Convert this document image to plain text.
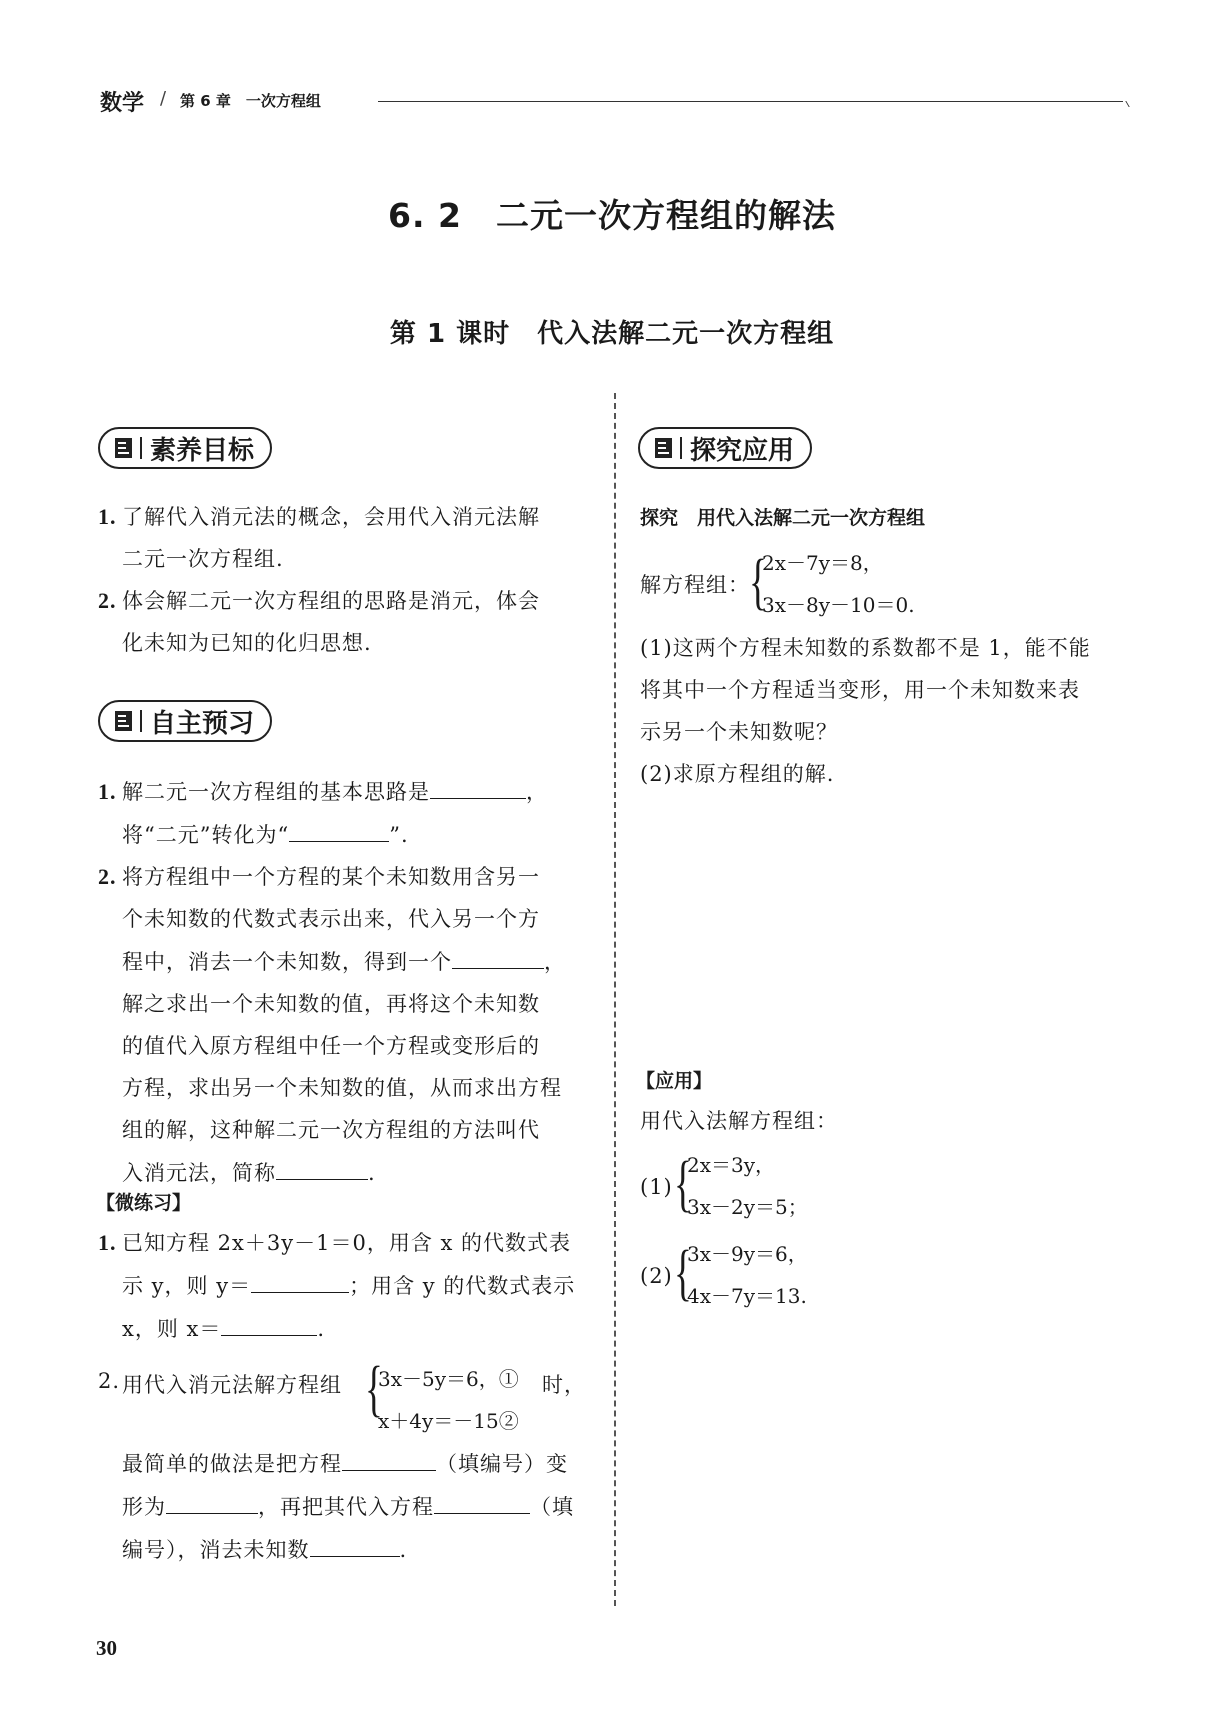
数学 / 第 6 章　一次方程组
6. 2　二元一次方程组的解法
第 1 课时　代入法解二元一次方程组
素养目标
1. 了解代入消元法的概念，会用代入消元法解
二元一次方程组.
2. 体会解二元一次方程组的思路是消元，体会
化未知为已知的化归思想.
自主预习
1. 解二元一次方程组的基本思路是	，
将“二元”转化为“	”.
2. 将方程组中一个方程的某个未知数用含另一
个未知数的代数式表示出来，代入另一个方
程中，消去一个未知数，得到一个	，
解之求出一个未知数的值，再将这个未知数
的值代入原方程组中任一个方程或变形后的
方程，求出另一个未知数的值，从而求出方程
组的解，这种解二元一次方程组的方法叫代
入消元法，简称	.
【微练习】
1. 已知方程 2x＋3y－1＝0，用含 x 的代数式表
示 y，则 y＝	；用含 y 的代数式表示
x，则 x＝	.
2. 用代入消元法解方程组 {
3x－5y＝6，①
x＋4y＝－15②
时，
最简单的做法是把方程	（填编号）变
形为	，再把其代入方程	（填
编号），消去未知数	.
探究应用
探究　用代入法解二元一次方程组
解方程组：
{
2x－7y＝8，
3x－8y－10＝0.
(1)这两个方程未知数的系数都不是 1，能不能
将其中一个方程适当变形，用一个未知数来表
示另一个未知数呢？
(2)求原方程组的解.
【应用】
用代入法解方程组：
(1) {
2x＝3y，
3x－2y＝5；
(2) {
3x－9y＝6，
4x－7y＝13.
30
